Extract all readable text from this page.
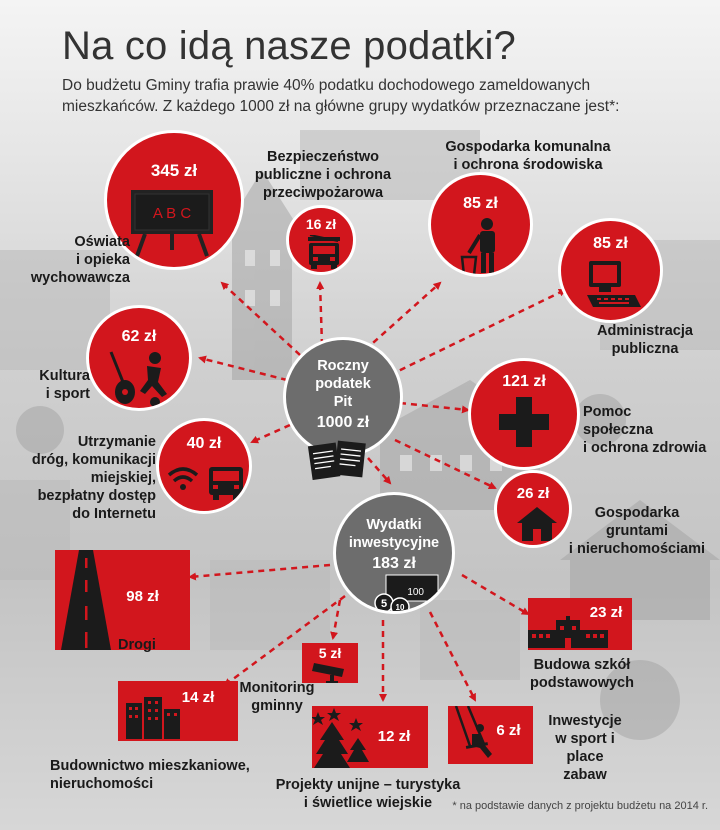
Na co idą nasze podatki?

Do budżetu Gminy trafia prawie 40% podatku dochodowego zameldowanych mieszkańców. Z każdego 1000 zł na główne grupy wydatków przeznaczane jest*:

345 zł
A B C
Oświata
i opieka
wychowawcza
Bezpieczeństwo
publiczne i ochrona
przeciwpożarowa
16 zł
Gospodarka komunalna
i ochrona środowiska
85 zł
85 zł
Administracja
publiczna
62 zł
Kultura
i sport
Roczny
podatek
Pit
1000 zł
121 zł
Pomoc
społeczna
i ochrona zdrowia
40 zł
Utrzymanie
dróg, komunikacji
miejskiej,
bezpłatny dostęp
do Internetu
26 zł
Gospodarka
gruntami
i nieruchomościami
Wydatki
inwestycyjne
183 zł
100
5 10
98 zł
Drogi	5 zł
Monitoring
gminny
14 zł
Budownictwo mieszkaniowe,
nieruchomości
12 zł
Projekty unijne – turystyka
i świetlice wiejskie
6 zł
Inwestycje
w sport i place
zabaw
23 zł
Budowa szkół
podstawowych

* na podstawie danych z projektu budżetu na 2014 r.
